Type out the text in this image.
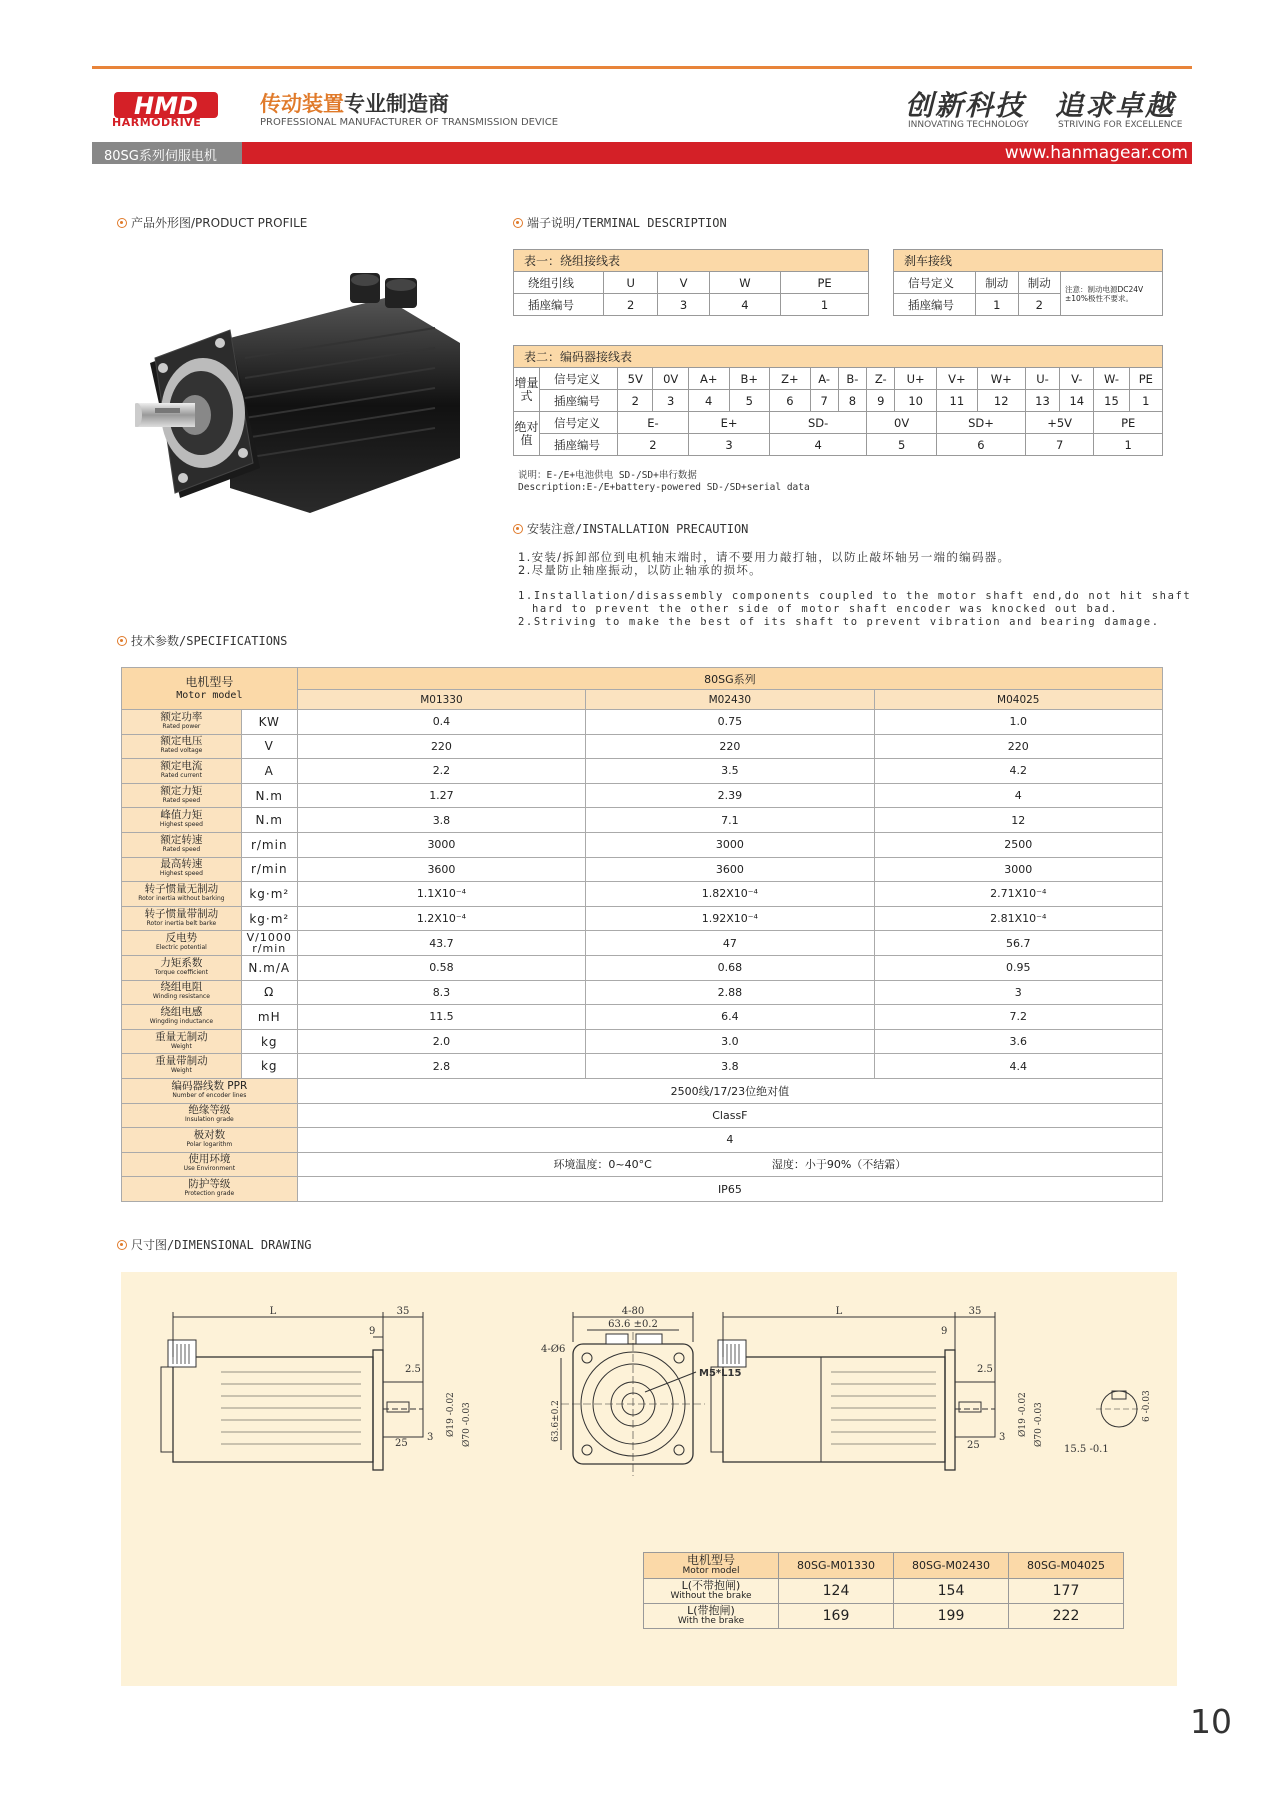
HMD
HARMODRIVE
传动装置专业制造商
PROFESSIONAL MANUFACTURER OF TRANSMISSION DEVICE
创新科技
INNOVATING TECHNOLOGY
追求卓越
STRIVING FOR EXCELLENCE
80SG系列伺服电机	www.hanmagear.com
产品外形图/PRODUCT PROFILE	端子说明/TERMINAL DESCRIPTION
表一：绕组接线表				
绕组引线	U	V	W	PE
插座编号	2	3	4	1
刹车接线			
信号定义	制动	制动	注意：制动电源DC24V ±10%极性不要求。
插座编号	1	2	
表二：编码器接线表																
增量式	信号定义	5V	0V	A+	B+	Z+	A-	B-	Z-	U+	V+	W+	U-	V-	W-	PE
	插座编号	2	3	4	5	6	7	8	9	10	11	12	13	14	15	1
绝对值	信号定义	E-		E+		SD-			0V		SD+		+5V		PE	
	插座编号	2		3		4			5		6		7		1	
说明：E-/E+电池供电 SD-/SD+串行数据
Description:E-/E+battery-powered SD-/SD+serial data
安装注意/INSTALLATION PRECAUTION
1.安装/拆卸部位到电机轴末端时，请不要用力敲打轴，以防止敲坏轴另一端的编码器。
2.尽量防止轴座振动，以防止轴承的损坏。
1.Installation/disassembly components coupled to the motor shaft end,do not hit shaft
hard to prevent the other side of motor shaft encoder was knocked out bad.
2.Striving to make the best of its shaft to prevent vibration and bearing damage.
技术参数/SPECIFICATIONS
电机型号
Motor model		80SG系列		
		M01330	M02430	M04025

额定功率
Rated power	KW	0.4	0.75	1.0

额定电压
Rated voltage	V	220	220	220

额定电流
Rated current	A	2.2	3.5	4.2

额定力矩
Rated speed	N.m	1.27	2.39	4

峰值力矩
Highest speed	N.m	3.8	7.1	12

额定转速
Rated speed	r/min	3000	3000	2500

最高转速
Highest speed	r/min	3600	3600	3000

转子惯量无制动
Rotor inertia without barking	kg·m²	1.1X10⁻⁴	1.82X10⁻⁴	2.71X10⁻⁴

转子惯量带制动
Rotor inertia belt barke	kg·m²	1.2X10⁻⁴	1.92X10⁻⁴	2.81X10⁻⁴

反电势
Electric potential	V/1000 r/min	43.7	47	56.7

力矩系数
Torque coefficient	N.m/A	0.58	0.68	0.95

绕组电阻
Winding resistance	Ω	8.3	2.88	3

绕组电感
Wingding inductance	mH	11.5	6.4	7.2

重量无制动
Weight	kg	2.0	3.0	3.6

重量带制动
Weight	kg	2.8	3.8	4.4

编码器线数 PPR
Number of encoder lines		2500线/17/23位绝对值		

绝缘等级
Insulation grade		ClassF		

极对数
Polar logarithm		4		

使用环境
Use Environment		环境温度：0~40°C 湿度：小于90%（不结霜）		

防护等级
Protection grade		IP65		
尺寸图/DIMENSIONAL DRAWING
L	35
9
2.5
25
3
Ø19 -0.02 Ø70 -0.03
4-80
63.6 ±0.2
4-Ø6
M5*L15
63.6±0.2
L	35
9
2.5
25
3
Ø19 -0.02 Ø70 -0.03
15.5 -0.1
6 -0.03
电机型号
Motor model	80SG-M01330	80SG-M02430	80SG-M04025

L(不带抱闸)
Without the brake	124	154	177

L(带抱闸)
With the brake	169	199	222
10
